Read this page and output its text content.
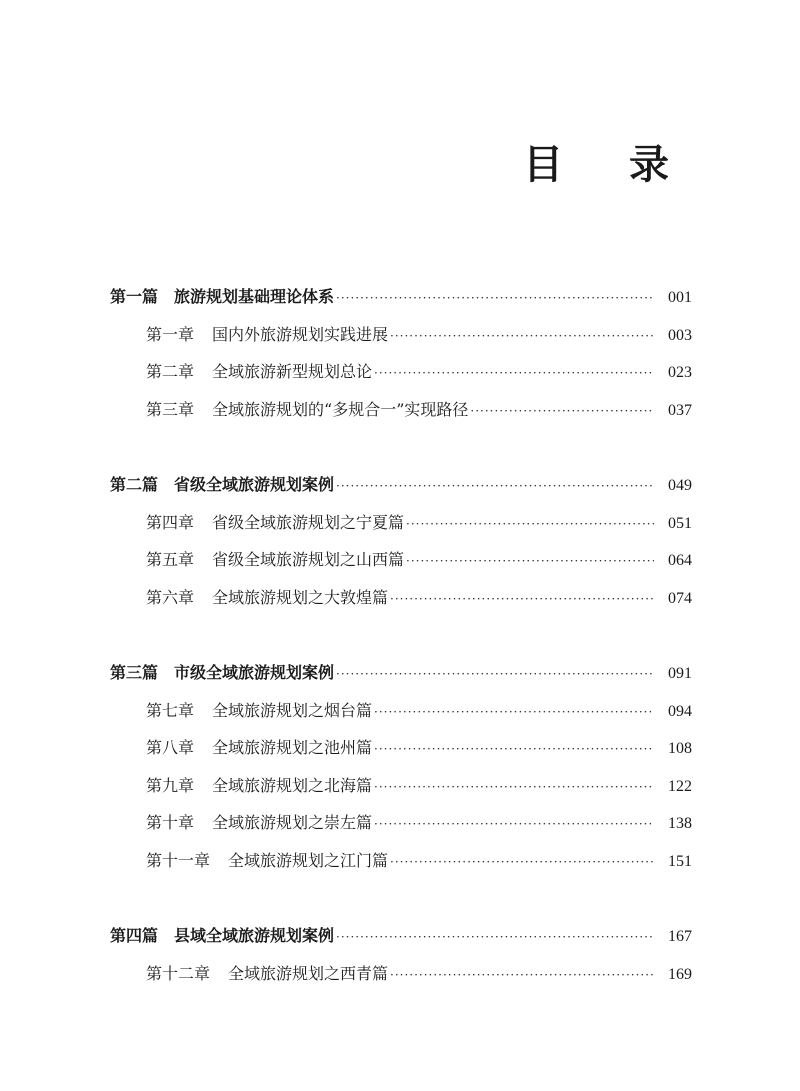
目 录
第一篇 旅游规划基础理论体系 ·····	001
第一章 国内外旅游规划实践进展 ·····	003
第二章 全域旅游新型规划总论 ·····	023
第三章 全域旅游规划的“多规合一”实现路径 ·····	037
第二篇 省级全域旅游规划案例 ·····	049
第四章 省级全域旅游规划之宁夏篇 ·····	051
第五章 省级全域旅游规划之山西篇 ·····	064
第六章 全域旅游规划之大敦煌篇 ·····	074
第三篇 市级全域旅游规划案例 ·····	091
第七章 全域旅游规划之烟台篇 ·····	094
第八章 全域旅游规划之池州篇 ·····	108
第九章 全域旅游规划之北海篇 ·····	122
第十章 全域旅游规划之崇左篇 ·····	138
第十一章 全域旅游规划之江门篇 ·····	151
第四篇 县域全域旅游规划案例 ·····	167
第十二章 全域旅游规划之西青篇 ·····	169
